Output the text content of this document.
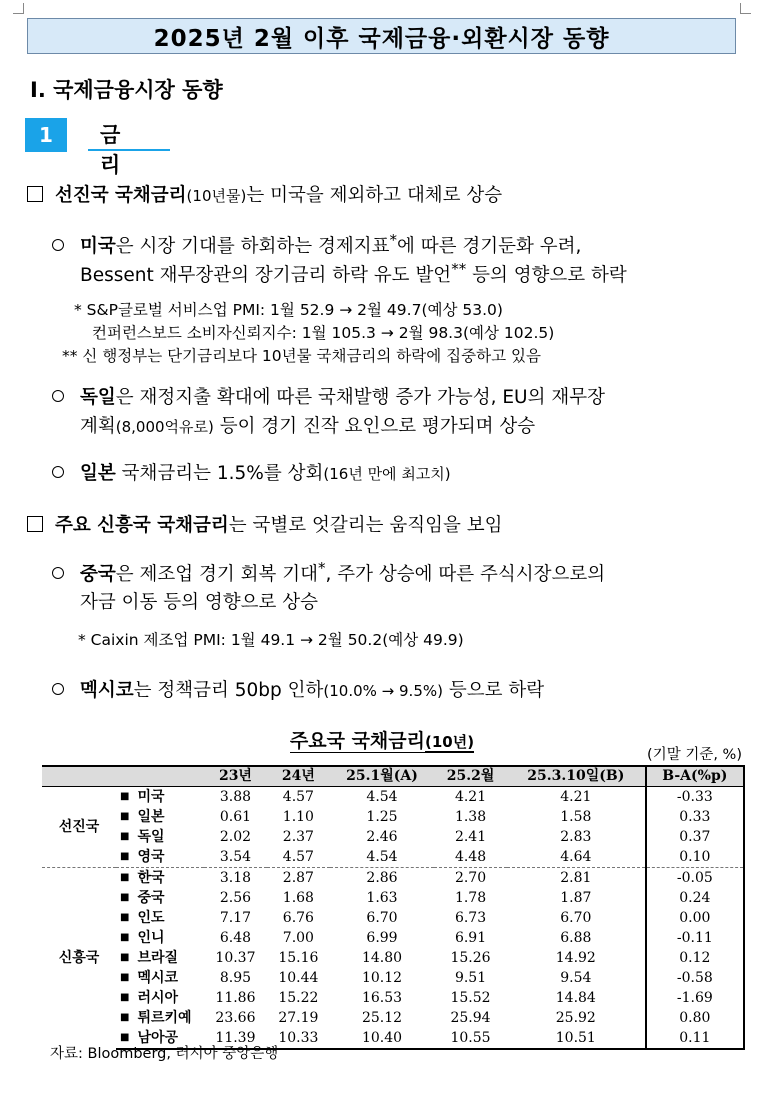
2025년 2월 이후 국제금융·외환시장 동향
Ⅰ. 국제금융시장 동향
1	금 리
선진국 국채금리(10년물)는 미국을 제외하고 대체로 상승
미국은 시장 기대를 하회하는 경제지표*에 따른 경기둔화 우려,
Bessent 재무장관의 장기금리 하락 유도 발언** 등의 영향으로 하락
* S&P글로벌 서비스업 PMI: 1월 52.9 → 2월 49.7(예상 53.0)
컨퍼런스보드 소비자신뢰지수: 1월 105.3 → 2월 98.3(예상 102.5)
** 신 행정부는 단기금리보다 10년물 국채금리의 하락에 집중하고 있음
독일은 재정지출 확대에 따른 국채발행 증가 가능성, EU의 재무장
계획(8,000억유로) 등이 경기 진작 요인으로 평가되며 상승
일본 국채금리는 1.5%를 상회(16년 만에 최고치)
주요 신흥국 국채금리는 국별로 엇갈리는 움직임을 보임
중국은 제조업 경기 회복 기대*, 주가 상승에 따른 주식시장으로의
자금 이동 등의 영향으로 상승
* Caixin 제조업 PMI: 1월 49.1 → 2월 50.2(예상 49.9)
멕시코는 정책금리 50bp 인하(10.0% → 9.5%) 등으로 하락
주요국 국채금리(10년)
(기말 기준, %)
		23년	24년	25.1월(A)	25.2월	25.3.10일(B)	B-A(%p)
선진국	■ 미국	3.88	4.57	4.54	4.21	4.21	-0.33
	■ 일본	0.61	1.10	1.25	1.38	1.58	0.33
	■ 독일	2.02	2.37	2.46	2.41	2.83	0.37
	■ 영국	3.54	4.57	4.54	4.48	4.64	0.10
신흥국	■ 한국	3.18	2.87	2.86	2.70	2.81	-0.05
	■ 중국	2.56	1.68	1.63	1.78	1.87	0.24
	■ 인도	7.17	6.76	6.70	6.73	6.70	0.00
	■ 인니	6.48	7.00	6.99	6.91	6.88	-0.11
	■ 브라질	10.37	15.16	14.80	15.26	14.92	0.12
	■ 멕시코	8.95	10.44	10.12	9.51	9.54	-0.58
	■ 러시아	11.86	15.22	16.53	15.52	14.84	-1.69
	■ 튀르키예	23.66	27.19	25.12	25.94	25.92	0.80
	■ 남아공	11.39	10.33	10.40	10.55	10.51	0.11
자료: Bloomberg, 러시아 중앙은행
